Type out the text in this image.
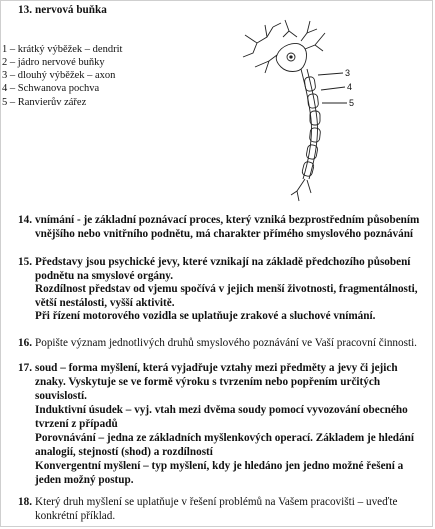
13. nervová buňka
1 – krátký výběžek – dendrit
2 – jádro nervové buňky
3 – dlouhý výběžek – axon
4 – Schwanova pochva
5 – Ranvierův zářez
3
4
5
14. vnímání - je základní poznávací proces, který vzniká bezprostředním působením
vnějšího nebo vnitřního podnětu, má charakter přímého smyslového poznávání
15. Představy jsou psychické jevy, které vznikají na základě předchozího působení
podnětu na smyslové orgány.
Rozdílnost představ od vjemu spočívá v jejich menší životnosti, fragmentálnosti,
větší nestálosti, vyšší aktivitě.
Při řízení motorového vozidla se uplatňuje zrakové a sluchové vnímání.
16. Popište význam jednotlivých druhů smyslového poznávání ve Vaší pracovní činnosti.
17. soud – forma myšlení, která vyjadřuje vztahy mezi předměty a jevy či jejich
znaky. Vyskytuje se ve formě výroku s tvrzením nebo popřením určitých
souvislostí.
Induktivní úsudek – vyj. vtah mezi dvěma soudy pomocí vyvozování obecného
tvrzení z případů
Porovnávání – jedna ze základních myšlenkových operací. Základem je hledání
analogií, stejností (shod) a rozdílností
Konvergentní myšlení – typ myšlení, kdy je hledáno jen jedno možné řešení a
jeden možný postup.
18. Který druh myšlení se uplatňuje v řešení problémů na Vašem pracovišti – uveďte
konkrétní příklad.
